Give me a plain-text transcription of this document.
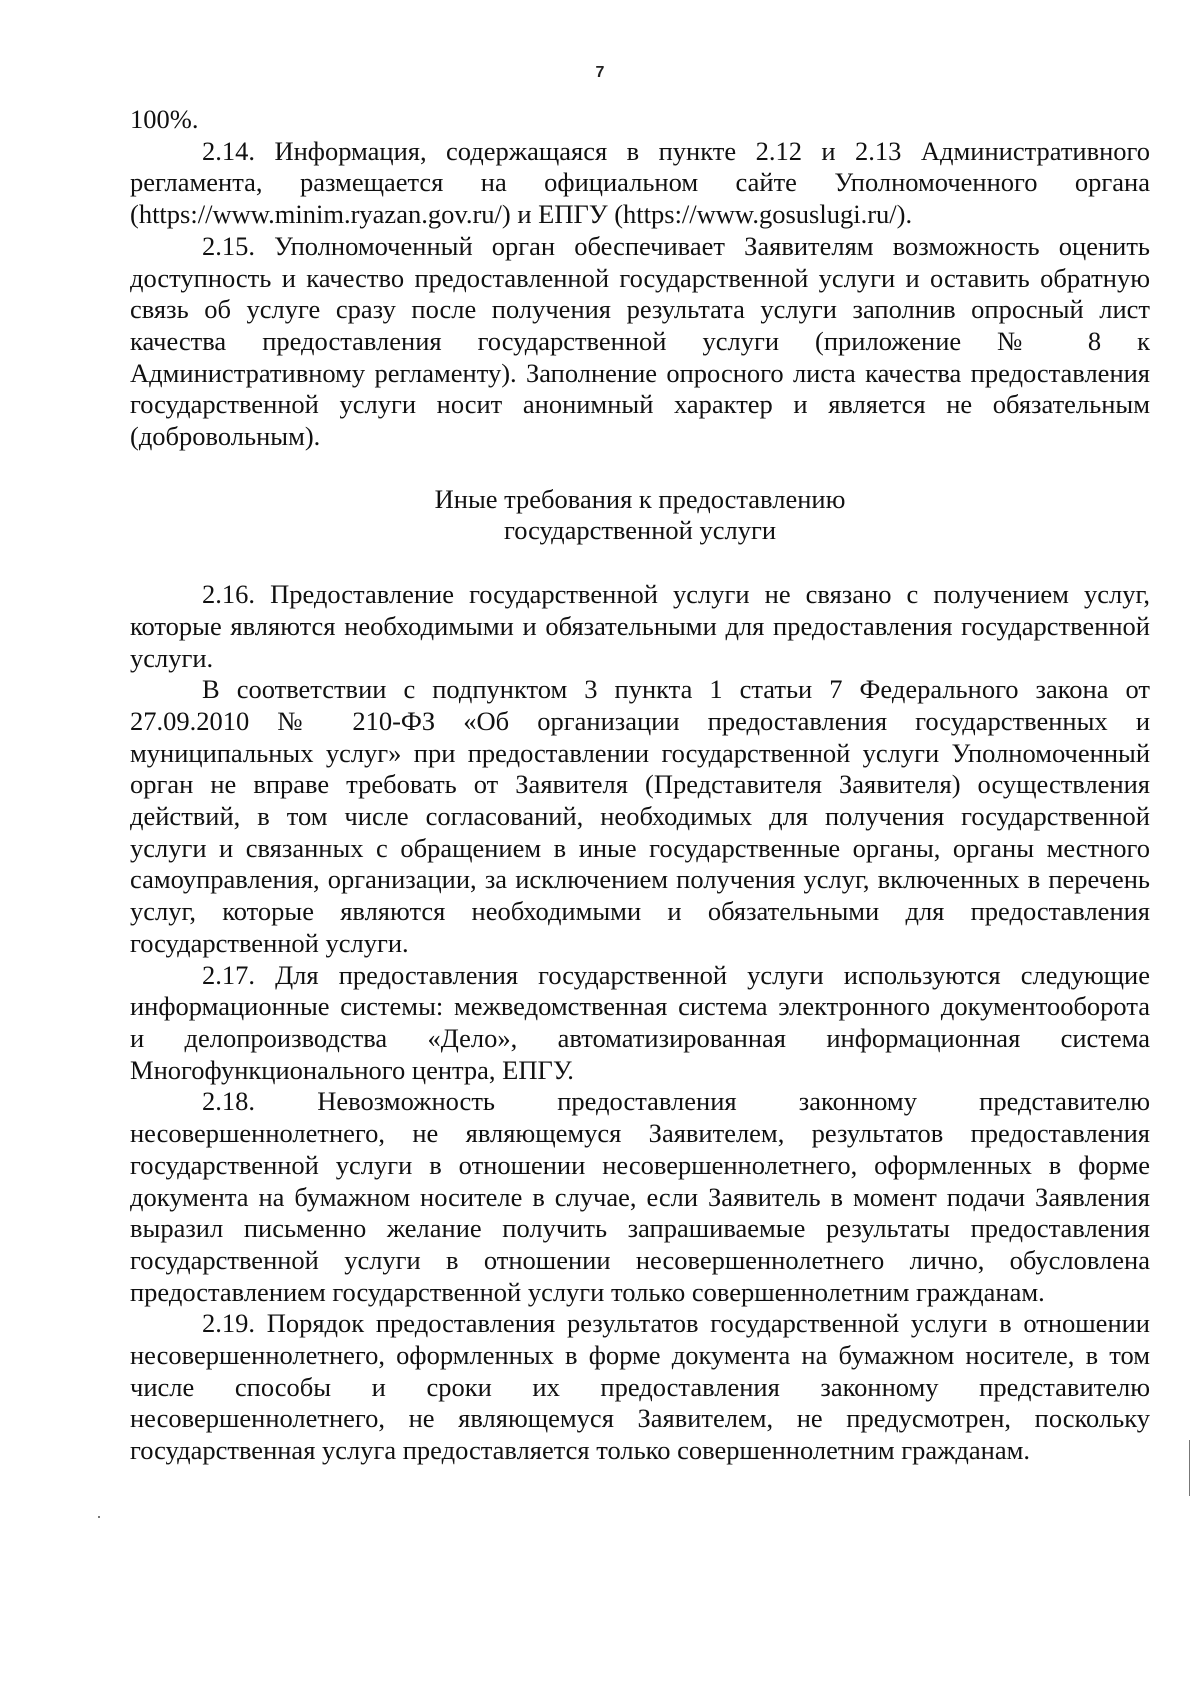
7

100%.

2.14. Информация, содержащаяся в пункте 2.12 и 2.13 Административного регламента, размещается на официальном сайте Уполномоченного органа (https://www.minim.ryazan.gov.ru/) и ЕПГУ (https://www.gosuslugi.ru/).

2.15. Уполномоченный орган обеспечивает Заявителям возможность оценить доступность и качество предоставленной государственной услуги и оставить обратную связь об услуге сразу после получения результата услуги заполнив опросный лист качества предоставления государственной услуги (приложение № 8 к Административному регламенту). Заполнение опросного листа качества предоставления государственной услуги носит анонимный характер и является не обязательным (добровольным).

Иные требования к предоставлению
государственной услуги

2.16. Предоставление государственной услуги не связано с получением услуг, которые являются необходимыми и обязательными для предоставления государственной услуги.

В соответствии с подпунктом 3 пункта 1 статьи 7 Федерального закона от 27.09.2010 № 210-ФЗ «Об организации предоставления государственных и муниципальных услуг» при предоставлении государственной услуги Уполномоченный орган не вправе требовать от Заявителя (Представителя Заявителя) осуществления действий, в том числе согласований, необходимых для получения государственной услуги и связанных с обращением в иные государственные органы, органы местного самоуправления, организации, за исключением получения услуг, включенных в перечень услуг, которые являются необходимыми и обязательными для предоставления государственной услуги.

2.17. Для предоставления государственной услуги используются следующие информационные системы: межведомственная система электронного документооборота и делопроизводства «Дело», автоматизированная информационная система Многофункционального центра, ЕПГУ.

2.18. Невозможность предоставления законному представителю несовершеннолетнего, не являющемуся Заявителем, результатов предоставления государственной услуги в отношении несовершеннолетнего, оформленных в форме документа на бумажном носителе в случае, если Заявитель в момент подачи Заявления выразил письменно желание получить запрашиваемые результаты предоставления государственной услуги в отношении несовершеннолетнего лично, обусловлена предоставлением государственной услуги только совершеннолетним гражданам.

2.19. Порядок предоставления результатов государственной услуги в отношении несовершеннолетнего, оформленных в форме документа на бумажном носителе, в том числе способы и сроки их предоставления законному представителю несовершеннолетнего, не являющемуся Заявителем, не предусмотрен, поскольку государственная услуга предоставляется только совершеннолетним гражданам.
